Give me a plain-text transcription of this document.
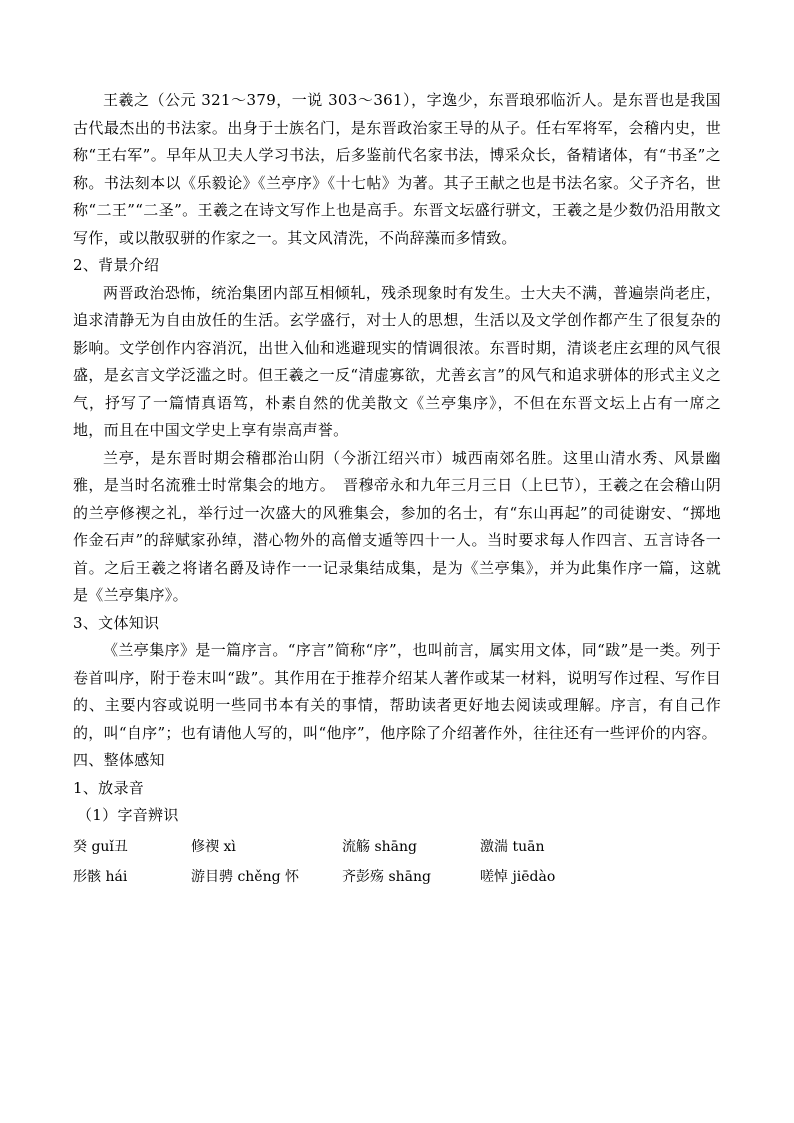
王羲之（公元 321～379，一说 303～361），字逸少，东晋琅邪临沂人。是东晋也是我国古代最杰出的书法家。出身于士族名门，是东晋政治家王导的从子。任右军将军，会稽内史，世称“王右军”。早年从卫夫人学习书法，后多鉴前代名家书法，博采众长，备精诸体，有“书圣”之称。书法刻本以《乐毅论》《兰亭序》《十七帖》为著。其子王献之也是书法名家。父子齐名，世称“二王”“二圣”。王羲之在诗文写作上也是高手。东晋文坛盛行骈文，王羲之是少数仍沿用散文写作，或以散驭骈的作家之一。其文风清洗，不尚辞藻而多情致。

2、背景介绍

两晋政治恐怖，统治集团内部互相倾轧，残杀现象时有发生。士大夫不满，普遍崇尚老庄，追求清静无为自由放任的生活。玄学盛行，对士人的思想，生活以及文学创作都产生了很复杂的影响。文学创作内容消沉，出世入仙和逃避现实的情调很浓。东晋时期，清谈老庄玄理的风气很盛，是玄言文学泛滥之时。但王羲之一反“清虚寡欲，尤善玄言”的风气和追求骈体的形式主义之气，抒写了一篇情真语笃，朴素自然的优美散文《兰亭集序》，不但在东晋文坛上占有一席之地，而且在中国文学史上享有崇高声誉。

兰亭，是东晋时期会稽郡治山阴（今浙江绍兴市）城西南郊名胜。这里山清水秀、风景幽雅，是当时名流雅士时常集会的地方。　晋穆帝永和九年三月三日（上巳节），王羲之在会稽山阴的兰亭修禊之礼，举行过一次盛大的风雅集会，参加的名士，有“东山再起”的司徒谢安、“掷地作金石声”的辞赋家孙绰，潜心物外的高僧支遁等四十一人。当时要求每人作四言、五言诗各一首。之后王羲之将诸名爵及诗作一一记录集结成集，是为《兰亭集》，并为此集作序一篇，这就是《兰亭集序》。

3、文体知识

《兰亭集序》是一篇序言。“序言”简称“序”，也叫前言，属实用文体，同“跋”是一类。列于卷首叫序，附于卷末叫“跋”。其作用在于推荐介绍某人著作或某一材料，说明写作过程、写作目的、主要内容或说明一些同书本有关的事情，帮助读者更好地去阅读或理解。序言，有自己作的，叫“自序”；也有请他人写的，叫“他序”，他序除了介绍著作外，往往还有一些评价的内容。

四、整体感知

1、放录音

（1）字音辨识

癸 guǐ丑	修禊 xì	流觞 shāng	激湍 tuān
形骸 hái	游目骋 chěng 怀	齐彭殇 shāng	嗟悼 jiēdào
